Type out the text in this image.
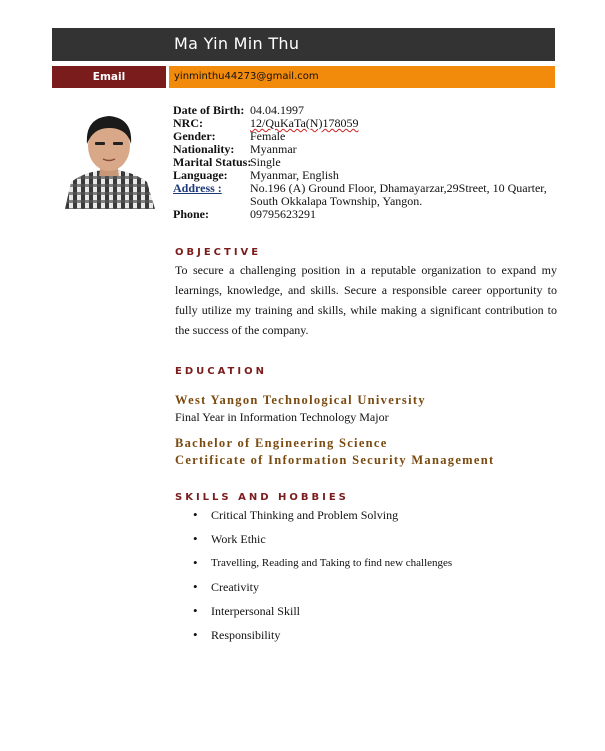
Ma Yin Min Thu
Email	yinminthu44273@gmail.com
Date of Birth: 04.04.1997
NRC:	12/QuKaTa(N)178059
Gender:	Female
Nationality:	Myanmar
Marital Status:
Single
Language:	Myanmar, English
Address :	No.196 (A) Ground Floor, Dhamayarzar,29Street, 10 Quarter, South Okkalapa Township, Yangon.
Phone:	09795623291
OBJECTIVE
To secure a challenging position in a reputable organization to expand my learnings, knowledge, and skills. Secure a responsible career opportunity to fully utilize my training and skills, while making a significant contribution to the success of the company.
EDUCATION
West Yangon Technological University
Final Year in Information Technology Major
Bachelor of Engineering Science
Certificate of Information Security Management
SKILLS AND HOBBIES
• Critical Thinking and Problem Solving
• Work Ethic
• Travelling, Reading and Taking to find new challenges
• Creativity
• Interpersonal Skill
• Responsibility
